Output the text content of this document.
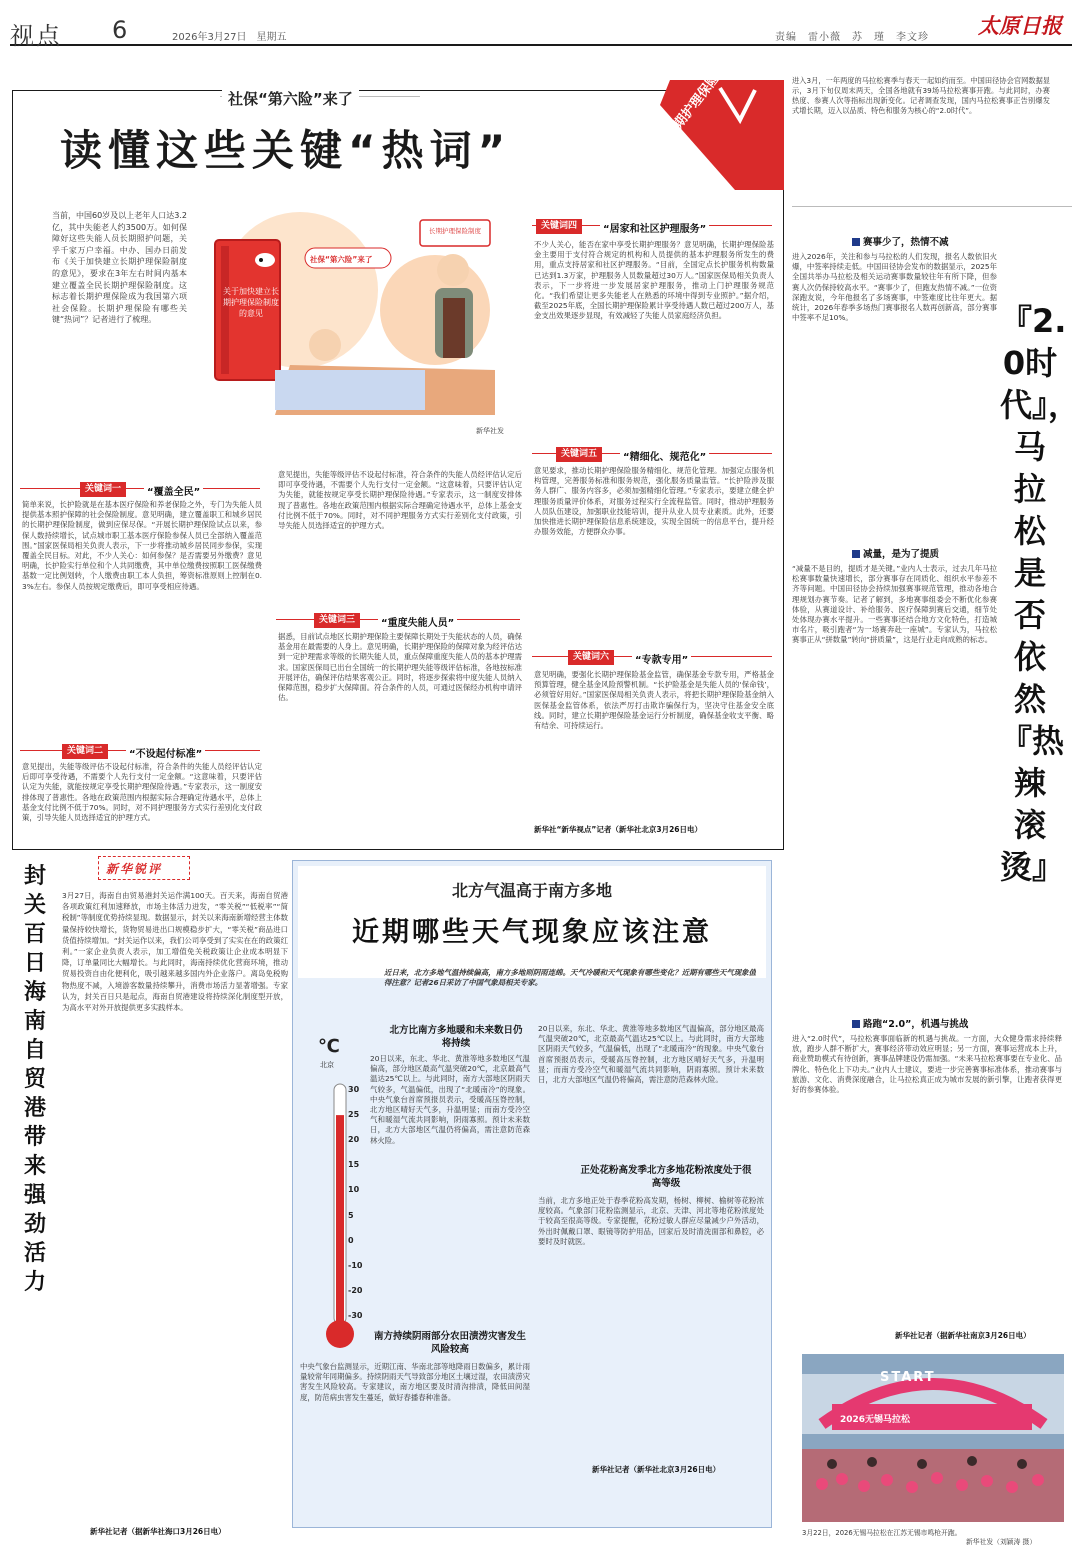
视点 6	2026年3月27日　星期五	责编　雷小薇　苏　瑾　李文珍 太原日报
社保“第六险”来了
读懂这些关键“热词”
长期护理保险
当前，中国60岁及以上老年人口达3.2亿，其中失能老人约3500万。如何保障好这些失能人员长期照护问题，关乎千家万户幸福。中办、国办日前发布《关于加快建立长期护理保险制度的意见》，要求在3年左右时间内基本建立覆盖全民长期护理保险制度。这标志着长期护理保险成为我国第六项社会保险。长期护理保险有哪些关键“热词”？记者进行了梳理。
关于加快建立长期护理保险制度的意见
社保“第六险”来了
长期护理保险制度
新华社发
关键词四	“居家和社区护理服务”
关键词一	“覆盖全民”
关键词二	“不设起付标准”
关键词三	“重度失能人员”
关键词五	“精细化、规范化”
关键词六	“专款专用”
简单来说，长护险就是在基本医疗保险和养老保险之外，专门为失能人员提供基本照护保障的社会保险制度。意见明确，建立覆盖职工和城乡居民的长期护理保险制度，做到应保尽保。“开展长期护理保险试点以来，参保人数持续增长，试点城市职工基本医疗保险参保人员已全部纳入覆盖范围。”国家医保局相关负责人表示，下一步将推动城乡居民同步参保，实现覆盖全民目标。对此，不少人关心：如何参保？是否需要另外缴费？意见明确，长护险实行单位和个人共同缴费，其中单位缴费按照职工医保缴费基数一定比例划转，个人缴费由职工本人负担，筹资标准原则上控制在0.3%左右。参保人员按规定缴费后，即可享受相应待遇。
意见提出，失能等级评估不设起付标准，符合条件的失能人员经评估认定后即可享受待遇，不需要个人先行支付一定金额。“这意味着，只要评估认定为失能，就能按规定享受长期护理保险待遇。”专家表示，这一制度安排体现了普惠性。各地在政策范围内根据实际合理确定待遇水平，总体上基金支付比例不低于70%。同时，对不同护理服务方式实行差别化支付政策，引导失能人员选择适宜的护理方式。
意见提出，失能等级评估不设起付标准，符合条件的失能人员经评估认定后即可享受待遇，不需要个人先行支付一定金额。“这意味着，只要评估认定为失能，就能按规定享受长期护理保险待遇。”专家表示，这一制度安排体现了普惠性。各地在政策范围内根据实际合理确定待遇水平，总体上基金支付比例不低于70%。同时，对不同护理服务方式实行差别化支付政策，引导失能人员选择适宜的护理方式。
据悉，目前试点地区长期护理保险主要保障长期处于失能状态的人员，确保基金用在最需要的人身上。意见明确，长期护理保险的保障对象为经评估达到一定护理需求等级的长期失能人员，重点保障重度失能人员的基本护理需求。国家医保局已出台全国统一的长期护理失能等级评估标准，各地按标准开展评估，确保评估结果客观公正。同时，将逐步探索将中度失能人员纳入保障范围，稳步扩大保障面。符合条件的人员，可通过医保经办机构申请评估。
不少人关心，能否在家中享受长期护理服务？意见明确，长期护理保险基金主要用于支付符合规定的机构和人员提供的基本护理服务所发生的费用，重点支持居家和社区护理服务。“目前，全国定点长护服务机构数量已达到1.3万家，护理服务人员数量超过30万人。”国家医保局相关负责人表示，下一步将进一步发展居家护理服务，推动上门护理服务规范化。“我们希望让更多失能老人在熟悉的环境中得到专业照护。”据介绍，截至2025年底，全国长期护理保险累计享受待遇人数已超过200万人，基金支出效果逐步显现，有效减轻了失能人员家庭经济负担。
意见要求，推动长期护理保险服务精细化、规范化管理。加强定点服务机构管理，完善服务标准和服务规范，强化服务质量监管。“长护险涉及服务人群广、服务内容多，必须加强精细化管理。”专家表示，要建立健全护理服务质量评价体系，对服务过程实行全流程监管。同时，推动护理服务人员队伍建设，加强职业技能培训，提升从业人员专业素质。此外，还要加快推进长期护理保险信息系统建设，实现全国统一的信息平台，提升经办服务效能，方便群众办事。
意见明确，要强化长期护理保险基金监管，确保基金专款专用，严格基金预算管理，健全基金风险预警机制。“长护险基金是失能人员的‘保命钱’，必须管好用好。”国家医保局相关负责人表示，将把长期护理保险基金纳入医保基金监管体系，依法严厉打击欺诈骗保行为，坚决守住基金安全底线。同时，建立长期护理保险基金运行分析制度，确保基金收支平衡、略有结余、可持续运行。
新华社“新华视点”记者（新华社北京3月26日电）
进入3月，一年两度的马拉松赛季与春天一起如约而至。中国田径协会官网数据显示，3月下旬仅周末两天，全国各地就有39场马拉松赛事开跑。与此同时，办赛热度、参赛人次等指标出现新变化。记者调查发现，国内马拉松赛事正告别爆发式增长期，迈入以品质、特色和服务为核心的“2.0时代”。
『2.0时代』，马拉松是否依然『热辣滚烫』
赛事少了，热情不减
进入2026年，关注和参与马拉松的人们发现，报名人数依旧火爆，中签率持续走低。中国田径协会发布的数据显示，2025年全国共举办马拉松及相关运动赛事数量较往年有所下降，但参赛人次仍保持较高水平。“赛事少了，但跑友热情不减。”一位资深跑友说，今年他报名了多场赛事，中签难度比往年更大。据统计，2026年春季多场热门赛事报名人数再创新高，部分赛事中签率不足10%。
减量，是为了提质
“减量不是目的，提质才是关键。”业内人士表示，过去几年马拉松赛事数量快速增长，部分赛事存在同质化、组织水平参差不齐等问题。中国田径协会持续加强赛事规范管理，推动各地合理规划办赛节奏。记者了解到，多地赛事组委会不断优化参赛体验，从赛道设计、补给服务、医疗保障到赛后交通，细节处处体现办赛水平提升。一些赛事还结合地方文化特色，打造城市名片，吸引跑者“为一场赛奔赴一座城”。专家认为，马拉松赛事正从“拼数量”转向“拼质量”，这是行业走向成熟的标志。
路跑“2.0”，机遇与挑战
进入“2.0时代”，马拉松赛事面临新的机遇与挑战。一方面，大众健身需求持续释放，跑步人群不断扩大，赛事经济带动效应明显；另一方面，赛事运营成本上升，商业赞助模式有待创新，赛事品牌建设仍需加强。“未来马拉松赛事要在专业化、品牌化、特色化上下功夫。”业内人士建议，要进一步完善赛事标准体系，推动赛事与旅游、文化、消费深度融合，让马拉松真正成为城市发展的新引擎，让跑者获得更好的参赛体验。
新华社记者（据新华社南京3月26日电）
START
2026无锡马拉松
3月22日，2026无锡马拉松在江苏无锡市鸣枪开跑。
新华社发（刘颖涛 摄）
封关百日　海南自贸港带来强劲活力
新华锐评
3月27日，海南自由贸易港封关运作满100天。百天来，海南自贸港各项政策红利加速释放，市场主体活力迸发，“零关税”“低税率”“简税制”等制度优势持续显现。数据显示，封关以来海南新增经营主体数量保持较快增长，货物贸易进出口规模稳步扩大，“零关税”商品进口货值持续增加。“封关运作以来，我们公司享受到了实实在在的政策红利。”一家企业负责人表示，加工增值免关税政策让企业成本明显下降，订单量同比大幅增长。与此同时，海南持续优化营商环境，推动贸易投资自由化便利化，吸引越来越多国内外企业落户。离岛免税购物热度不减，入境游客数量持续攀升，消费市场活力显著增强。专家认为，封关百日只是起点，海南自贸港建设将持续深化制度型开放，为高水平对外开放提供更多实践样本。
新华社记者（据新华社海口3月26日电）
北方气温高于南方多地
近期哪些天气现象应该注意
近日来，北方多地气温持续偏高，南方多地则阴雨连绵。天气冷暖和天气现象有哪些变化？近期有哪些天气现象值得注意？记者26日采访了中国气象局相关专家。
北方比南方多地暖和未来数日仍将持续
20日以来，东北、华北、黄淮等地多数地区气温偏高，部分地区最高气温突破20℃，北京最高气温达25℃以上。与此同时，南方大部地区阴雨天气较多，气温偏低，出现了“北暖南冷”的现象。中央气象台首席预报员表示，受暖高压脊控制，北方地区晴好天气多，升温明显；而南方受冷空气和暖湿气流共同影响，阴雨寡照。预计未来数日，北方大部地区气温仍将偏高，需注意防范森林火险。
20日以来，东北、华北、黄淮等地多数地区气温偏高，部分地区最高气温突破20℃，北京最高气温达25℃以上。与此同时，南方大部地区阴雨天气较多，气温偏低，出现了“北暖南冷”的现象。中央气象台首席预报员表示，受暖高压脊控制，北方地区晴好天气多，升温明显；而南方受冷空气和暖湿气流共同影响，阴雨寡照。预计未来数日，北方大部地区气温仍将偏高，需注意防范森林火险。
正处花粉高发季北方多地花粉浓度处于很高等级
当前，北方多地正处于春季花粉高发期，杨树、柳树、榆树等花粉浓度较高。气象部门花粉监测显示，北京、天津、河北等地花粉浓度处于较高至很高等级。专家提醒，花粉过敏人群应尽量减少户外活动，外出时佩戴口罩、眼镜等防护用品，回家后及时清洗面部和鼻腔，必要时及时就医。
南方持续阴雨部分农田渍涝灾害发生风险较高
中央气象台监测显示，近期江南、华南北部等地降雨日数偏多，累计雨量较常年同期偏多。持续阴雨天气导致部分地区土壤过湿，农田渍涝灾害发生风险较高。专家建议，南方地区要及时清沟排渍，降低田间湿度，防范病虫害发生蔓延，做好春播春种准备。
新华社记者（新华社北京3月26日电）
℃
北京
30
25
20
15
10
5
0
-10
-20
-30
